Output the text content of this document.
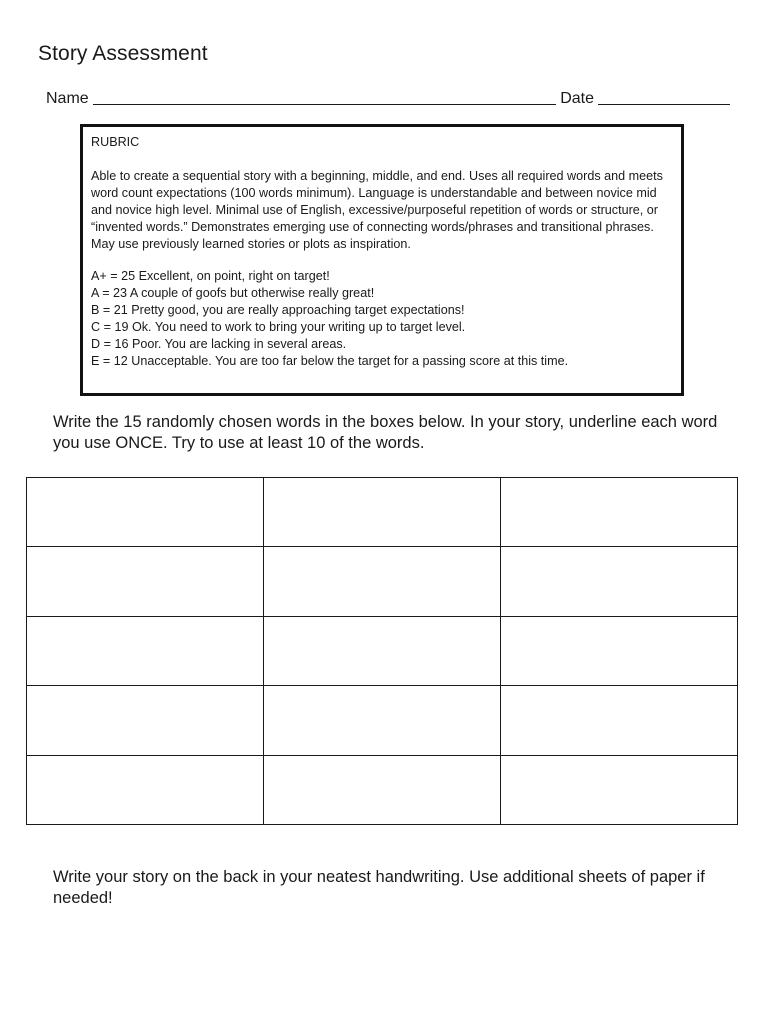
Story Assessment
Name	Date

RUBRIC

Able to create a sequential story with a beginning, middle, and end. Uses all required words and meets word count expectations (100 words minimum). Language is understandable and between novice mid and novice high level. Minimal use of English, excessive/purposeful repetition of words or structure, or “invented words.” Demonstrates emerging use of connecting words/phrases and transitional phrases. May use previously learned stories or plots as inspiration.

A+ = 25 Excellent, on point, right on target!
A = 23 A couple of goofs but otherwise really great!
B = 21 Pretty good, you are really approaching target expectations!
C = 19 Ok. You need to work to bring your writing up to target level.
D = 16 Poor. You are lacking in several areas.
E = 12 Unacceptable. You are too far below the target for a passing score at this time.

Write the 15 randomly chosen words in the boxes below. In your story, underline each word you use ONCE. Try to use at least 10 of the words.

Write your story on the back in your neatest handwriting. Use additional sheets of paper if needed!
